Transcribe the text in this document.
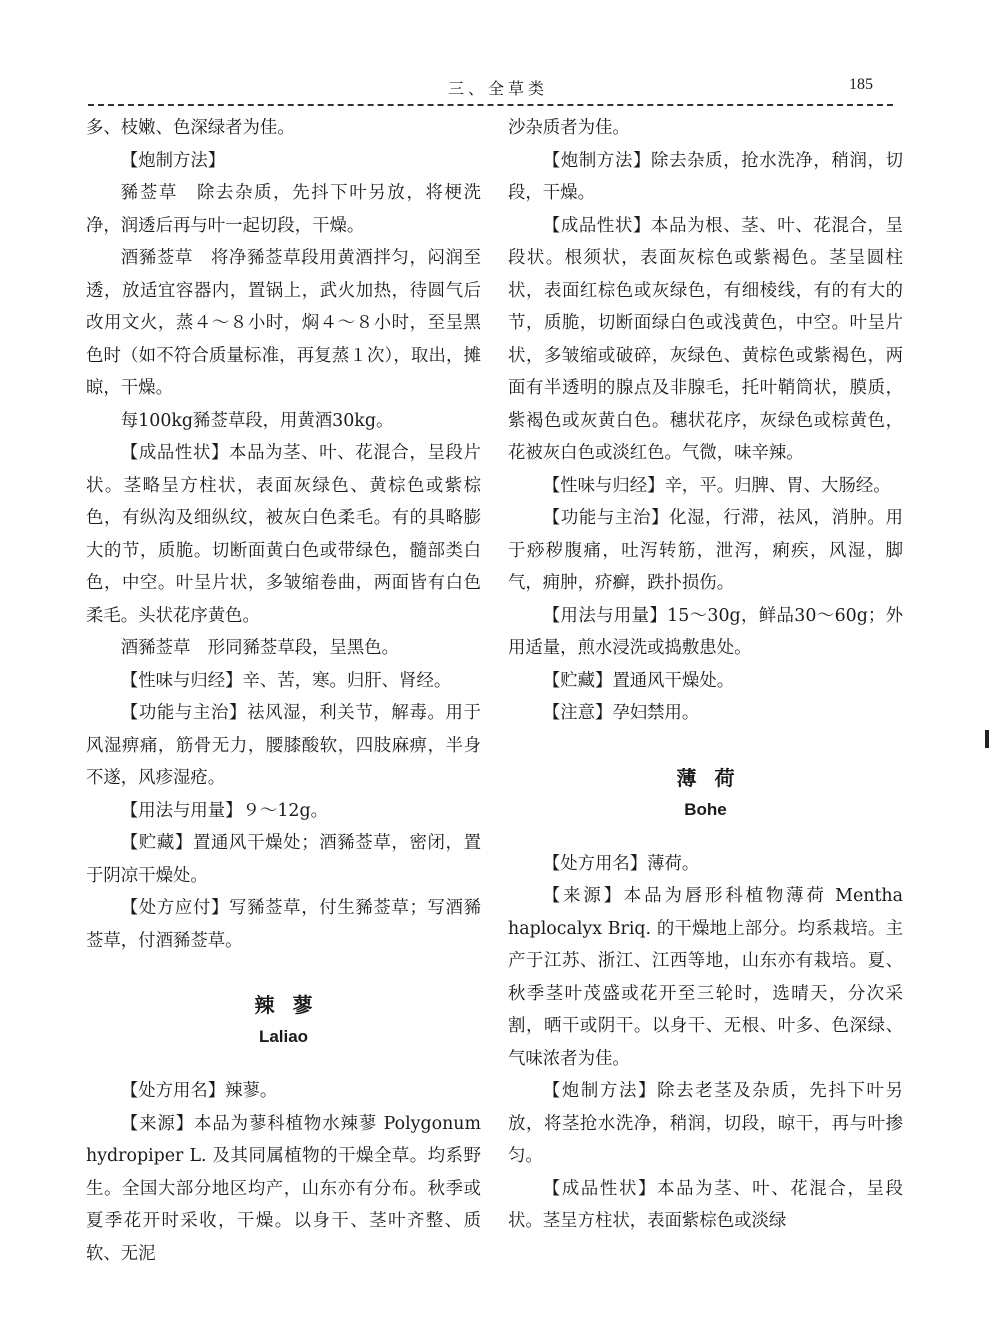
三、全草类	185

多、枝嫩、色深绿者为佳。

【炮制方法】

豨莶草　除去杂质，先抖下叶另放，将梗洗净，润透后再与叶一起切段，干燥。

酒豨莶草　将净豨莶草段用黄酒拌匀，闷润至透，放适宜容器内，置锅上，武火加热，待圆气后改用文火，蒸４～８小时，焖４～８小时，至呈黑色时（如不符合质量标准，再复蒸１次），取出，摊晾，干燥。

每100kg豨莶草段，用黄酒30kg。

【成品性状】本品为茎、叶、花混合，呈段片状。茎略呈方柱状，表面灰绿色、黄棕色或紫棕色，有纵沟及细纵纹，被灰白色柔毛。有的具略膨大的节，质脆。切断面黄白色或带绿色，髓部类白色，中空。叶呈片状，多皱缩卷曲，两面皆有白色柔毛。头状花序黄色。

酒豨莶草　形同豨莶草段，呈黑色。

【性味与归经】辛、苦，寒。归肝、肾经。

【功能与主治】祛风湿，利关节，解毒。用于风湿痹痛，筋骨无力，腰膝酸软，四肢麻痹，半身不遂，风疹湿疮。

【用法与用量】９～12g。

【贮藏】置通风干燥处；酒豨莶草，密闭，置于阴凉干燥处。

【处方应付】写豨莶草，付生豨莶草；写酒豨莶草，付酒豨莶草。

辣蓼

Laliao

【处方用名】辣蓼。

【来源】本品为蓼科植物水辣蓼 Polygonum hydropiper L. 及其同属植物的干燥全草。均系野生。全国大部分地区均产，山东亦有分布。秋季或夏季花开时采收，干燥。以身干、茎叶齐整、质软、无泥

沙杂质者为佳。

【炮制方法】除去杂质，抢水洗净，稍润，切段，干燥。

【成品性状】本品为根、茎、叶、花混合，呈段状。根须状，表面灰棕色或紫褐色。茎呈圆柱状，表面红棕色或灰绿色，有细棱线，有的有大的节，质脆，切断面绿白色或浅黄色，中空。叶呈片状，多皱缩或破碎，灰绿色、黄棕色或紫褐色，两面有半透明的腺点及非腺毛，托叶鞘筒状，膜质，紫褐色或灰黄白色。穗状花序，灰绿色或棕黄色，花被灰白色或淡红色。气微，味辛辣。

【性味与归经】辛，平。归脾、胃、大肠经。

【功能与主治】化湿，行滞，祛风，消肿。用于痧秽腹痛，吐泻转筋，泄泻，痢疾，风湿，脚气，痈肿，疥癣，跌扑损伤。

【用法与用量】15～30g，鲜品30～60g；外用适量，煎水浸洗或捣敷患处。

【贮藏】置通风干燥处。

【注意】孕妇禁用。

薄荷

Bohe

【处方用名】薄荷。

【来源】本品为唇形科植物薄荷 Mentha haplocalyx Briq. 的干燥地上部分。均系栽培。主产于江苏、浙江、江西等地，山东亦有栽培。夏、秋季茎叶茂盛或花开至三轮时，选晴天，分次采割，晒干或阴干。以身干、无根、叶多、色深绿、气味浓者为佳。

【炮制方法】除去老茎及杂质，先抖下叶另放，将茎抢水洗净，稍润，切段，晾干，再与叶掺匀。

【成品性状】本品为茎、叶、花混合，呈段状。茎呈方柱状，表面紫棕色或淡绿
